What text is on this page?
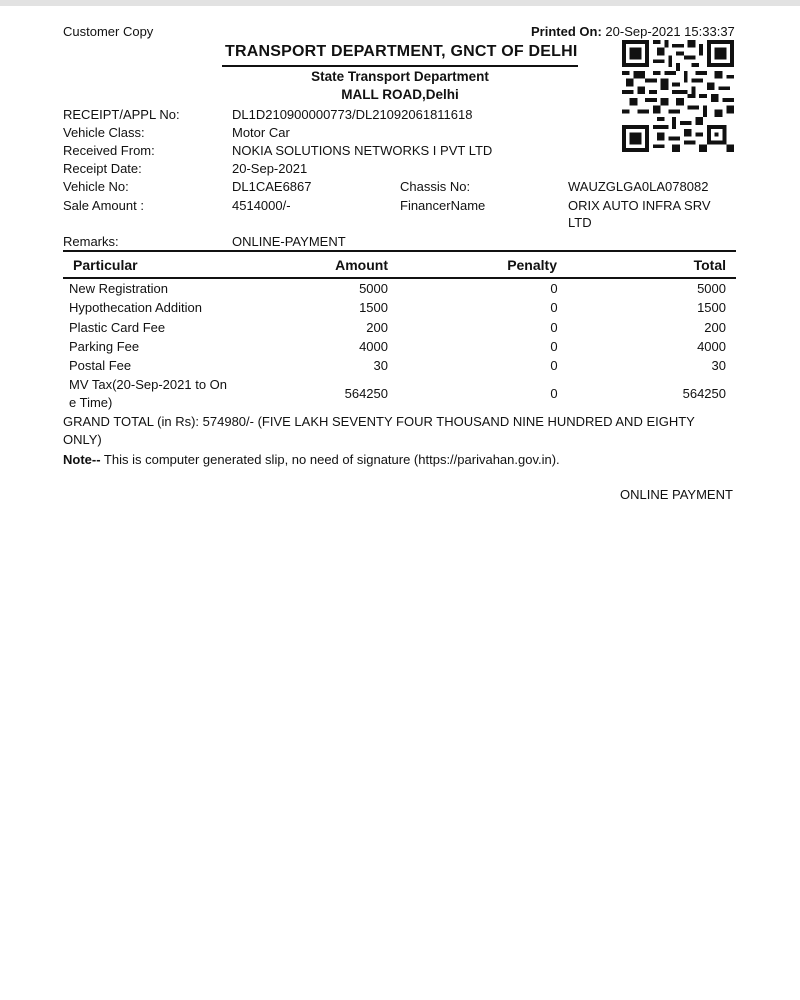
Customer Copy	Printed On: 20-Sep-2021 15:33:37
TRANSPORT DEPARTMENT, GNCT OF DELHI
State Transport Department
MALL ROAD,Delhi
RECEIPT/APPL No:	DL1D210900000773/DL21092061811618
Vehicle Class:	Motor Car
Received From:	NOKIA SOLUTIONS NETWORKS I PVT LTD
Receipt Date:	20-Sep-2021
Vehicle No:	DL1CAE6867	Chassis No:	WAUZGLGA0LA078082
Sale Amount :	4514000/-	FinancerName	ORIX AUTO INFRA SRV
LTD
Remarks:	ONLINE-PAYMENT
Particular	Amount	Penalty	Total
New Registration	5000	0	5000
Hypothecation Addition	1500	0	1500
Plastic Card Fee	200	0	200
Parking Fee	4000	0	4000
Postal Fee	30	0	30
MV Tax(20-Sep-2021 to On
e Time)
564250	0	564250
GRAND TOTAL (in Rs): 574980/- (FIVE LAKH SEVENTY FOUR THOUSAND NINE HUNDRED AND EIGHTY
ONLY)
Note-- This is computer generated slip, no need of signature (https://parivahan.gov.in).
ONLINE PAYMENT
